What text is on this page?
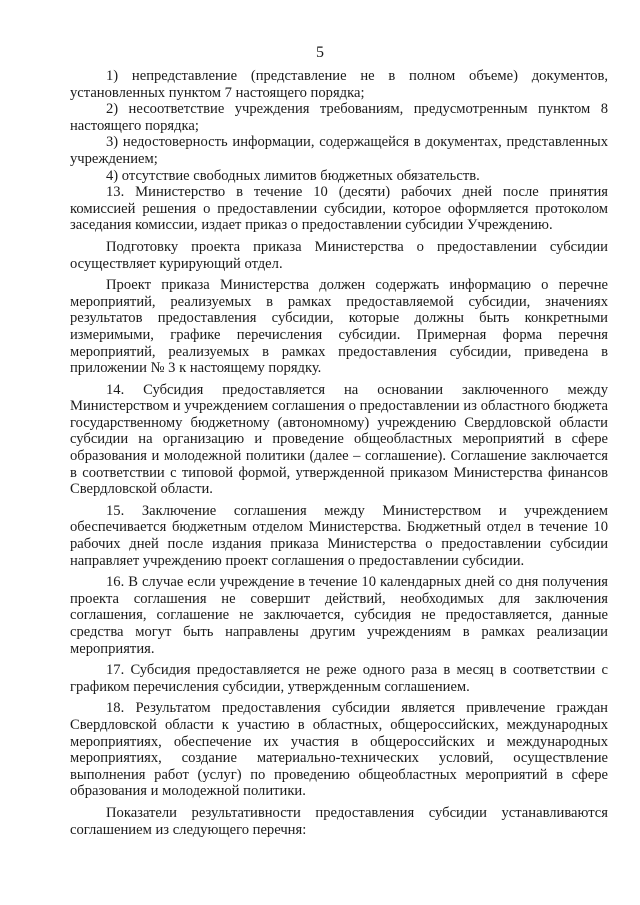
5

1) непредставление (представление не в полном объеме) документов, установленных пунктом 7 настоящего порядка;

2) несоответствие учреждения требованиям, предусмотренным пунктом 8 настоящего порядка;

3) недостоверность информации, содержащейся в документах, представленных учреждением;

4) отсутствие свободных лимитов бюджетных обязательств.

13. Министерство в течение 10 (десяти) рабочих дней после принятия комиссией решения о предоставлении субсидии, которое оформляется протоколом заседания комиссии, издает приказ о предоставлении субсидии Учреждению.

Подготовку проекта приказа Министерства о предоставлении субсидии осуществляет курирующий отдел.

Проект приказа Министерства должен содержать информацию о перечне мероприятий, реализуемых в рамках предоставляемой субсидии, значениях результатов предоставления субсидии, которые должны быть конкретными измеримыми, графике перечисления субсидии. Примерная форма перечня мероприятий, реализуемых в рамках предоставления субсидии, приведена в приложении № 3 к настоящему порядку.

14. Субсидия предоставляется на основании заключенного между Министерством и учреждением соглашения о предоставлении из областного бюджета государственному бюджетному (автономному) учреждению Свердловской области субсидии на организацию и проведение общеобластных мероприятий в сфере образования и молодежной политики (далее – соглашение). Соглашение заключается в соответствии с типовой формой, утвержденной приказом Министерства финансов Свердловской области.

15. Заключение соглашения между Министерством и учреждением обеспечивается бюджетным отделом Министерства. Бюджетный отдел в течение 10 рабочих дней после издания приказа Министерства о предоставлении субсидии направляет учреждению проект соглашения о предоставлении субсидии.

16. В случае если учреждение в течение 10 календарных дней со дня получения проекта соглашения не совершит действий, необходимых для заключения соглашения, соглашение не заключается, субсидия не предоставляется, данные средства могут быть направлены другим учреждениям в рамках реализации мероприятия.

17. Субсидия предоставляется не реже одного раза в месяц в соответствии с графиком перечисления субсидии, утвержденным соглашением.

18. Результатом предоставления субсидии является привлечение граждан Свердловской области к участию в областных, общероссийских, международных мероприятиях, обеспечение их участия в общероссийских и международных мероприятиях, создание материально-технических условий, осуществление выполнения работ (услуг) по проведению общеобластных мероприятий в сфере образования и молодежной политики.

Показатели результативности предоставления субсидии устанавливаются соглашением из следующего перечня:
